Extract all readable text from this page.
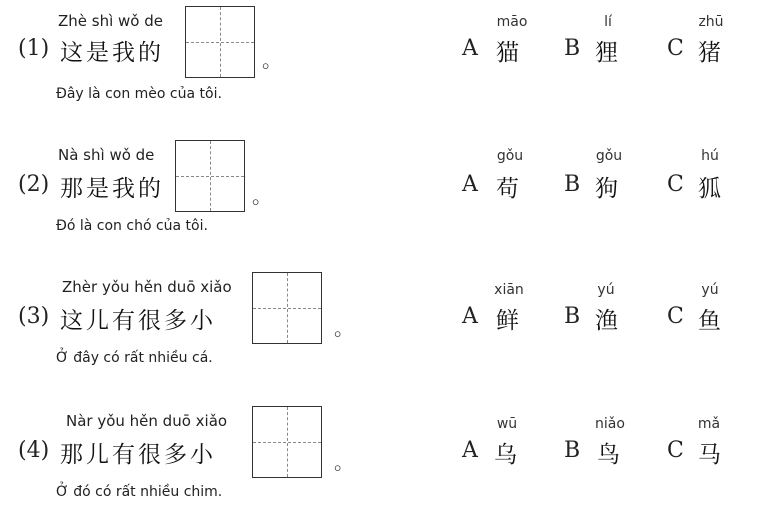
Zhè shì wǒ de
(1) 这是我的	。
Đây là con mèo của tôi.
māo
A 猫
lí
B 狸
zhū
C 猪
Nà shì wǒ de
(2) 那是我的	。
Đó là con chó của tôi.
gǒu
A 苟
gǒu
B 狗
hú
C 狐
Zhèr yǒu hěn duō xiǎo
(3) 这儿有很多小	。
Ở đây có rất nhiều cá.
xiān
A 鲜
yú
B 渔
yú
C 鱼
Nàr yǒu hěn duō xiǎo
(4) 那儿有很多小	。
Ở đó có rất nhiều chim.
wū
A 乌
niǎo
B 鸟
mǎ
C 马
